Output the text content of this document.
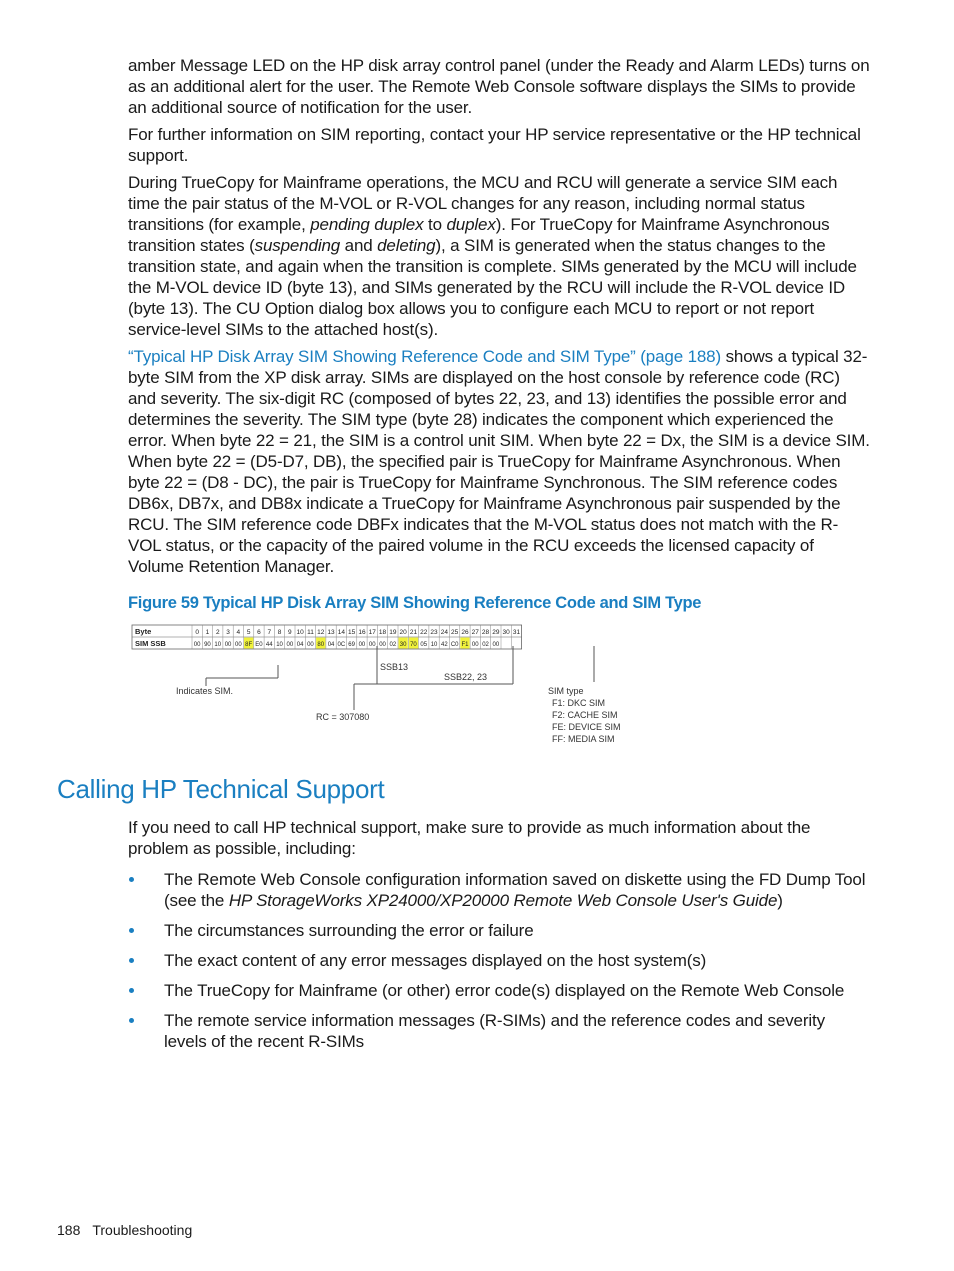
amber Message LED on the HP disk array control panel (under the Ready and Alarm LEDs) turns on as an additional alert for the user. The Remote Web Console software displays the SIMs to provide an additional source of notification for the user.

For further information on SIM reporting, contact your HP service representative or the HP technical support.

During TrueCopy for Mainframe operations, the MCU and RCU will generate a service SIM each time the pair status of the M-VOL or R-VOL changes for any reason, including normal status transitions (for example, pending duplex to duplex). For TrueCopy for Mainframe Asynchronous transition states (suspending and deleting), a SIM is generated when the status changes to the transition state, and again when the transition is complete. SIMs generated by the MCU will include the M-VOL device ID (byte 13), and SIMs generated by the RCU will include the R-VOL device ID (byte 13). The CU Option dialog box allows you to configure each MCU to report or not report service-level SIMs to the attached host(s).

“Typical HP Disk Array SIM Showing Reference Code and SIM Type” (page 188) shows a typical 32-byte SIM from the XP disk array. SIMs are displayed on the host console by reference code (RC) and severity. The six-digit RC (composed of bytes 22, 23, and 13) identifies the possible error and determines the severity. The SIM type (byte 28) indicates the component which experienced the error. When byte 22 = 21, the SIM is a control unit SIM. When byte 22 = Dx, the SIM is a device SIM. When byte 22 = (D5-D7, DB), the specified pair is TrueCopy for Mainframe Asynchronous. When byte 22 = (D8 - DC), the pair is TrueCopy for Mainframe Synchronous. The SIM reference codes DB6x, DB7x, and DB8x indicate a TrueCopy for Mainframe Asynchronous pair suspended by the RCU. The SIM reference code DBFx indicates that the M-VOL status does not match with the R-VOL status, or the capacity of the paired volume in the RCU exceeds the licensed capacity of Volume Retention Manager.

Figure 59 Typical HP Disk Array SIM Showing Reference Code and SIM Type
Byte
SIM SSB
0 1 2 3 4 5 6 7 8 9 10 11 12 13 14 15 16 17 18 19 20 21 22 23 24 25 26 27 28 29 30 31
00 90 10 00 00 8F E0 44 10 00 04 00 80 04 0C 69 00 00 00 02 30 70 05 10 42 C0 F1 00 02 00
Indicates SIM.
SSB13
SSB22, 23
RC = 307080
SIM type
F1: DKC SIM
F2: CACHE SIM
FE: DEVICE SIM
FF: MEDIA SIM
Calling HP Technical Support

If you need to call HP technical support, make sure to provide as much information about the problem as possible, including:

The Remote Web Console configuration information saved on diskette using the FD Dump Tool (see the HP StorageWorks XP24000/XP20000 Remote Web Console User's Guide)
The circumstances surrounding the error or failure
The exact content of any error messages displayed on the host system(s)
The TrueCopy for Mainframe (or other) error code(s) displayed on the Remote Web Console
The remote service information messages (R-SIMs) and the reference codes and severity levels of the recent R-SIMs
188 Troubleshooting
